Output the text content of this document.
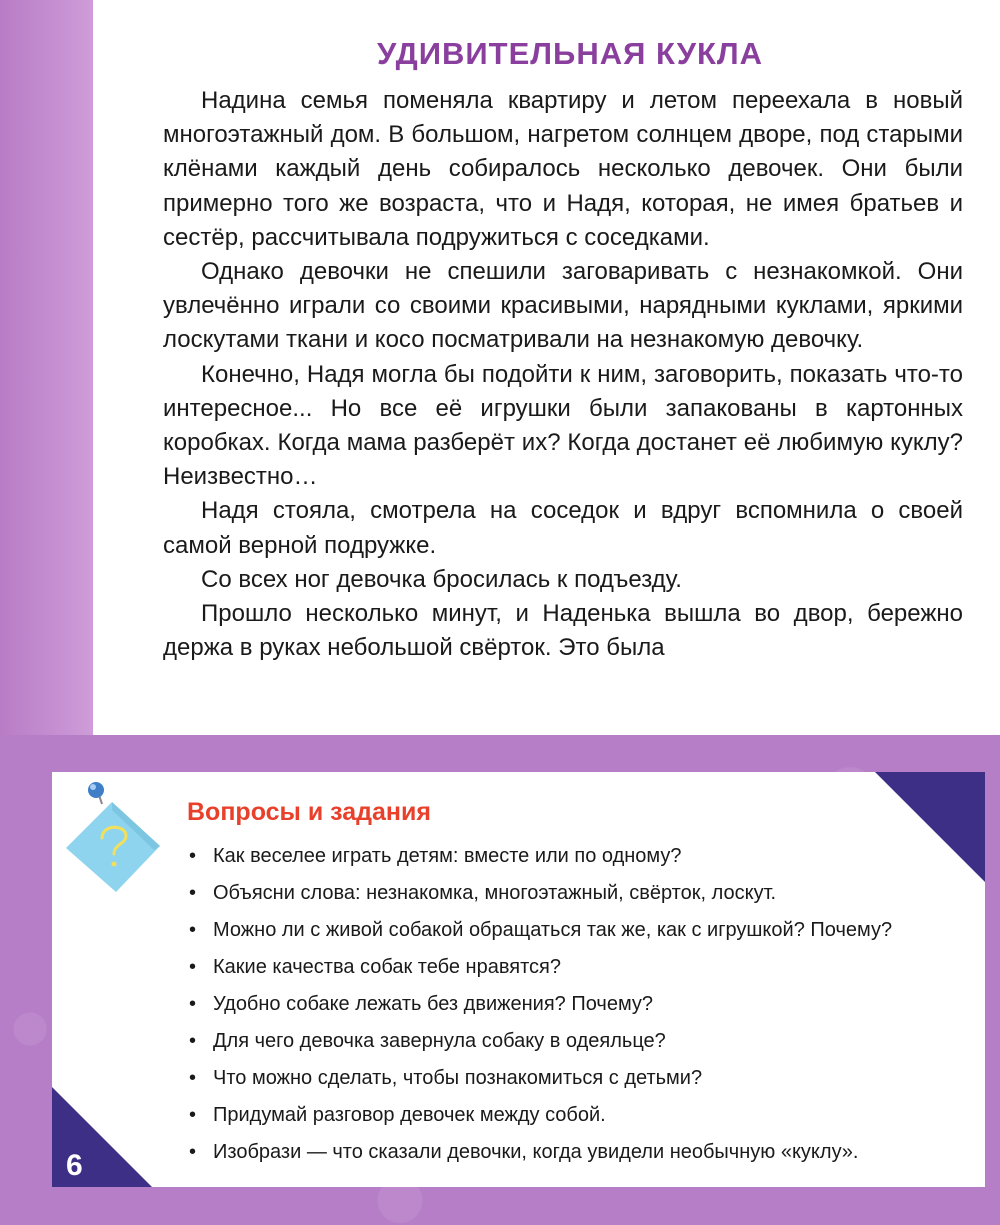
УДИВИТЕЛЬНАЯ КУКЛА

Надина семья поменяла квартиру и летом переехала в новый многоэтажный дом. В большом, нагретом солнцем дворе, под старыми клёнами каждый день собиралось несколько девочек. Они были примерно того же возраста, что и Надя, которая, не имея братьев и сестёр, рассчитывала подружиться с соседками.

Однако девочки не спешили заговаривать с незнакомкой. Они увлечённо играли со своими красивыми, нарядными куклами, яркими лоскутами ткани и косо посматривали на незнакомую девочку.

Конечно, Надя могла бы подойти к ним, заговорить, показать что-то интересное... Но все её игрушки были запакованы в картонных коробках. Когда мама разберёт их? Когда достанет её любимую куклу? Неизвестно…

Надя стояла, смотрела на соседок и вдруг вспомнила о своей самой верной подружке.

Со всех ног девочка бросилась к подъезду.

Прошло несколько минут, и Наденька вышла во двор, бережно держа в руках небольшой свёрток. Это была

6
Вопросы и задания
• Как веселее играть детям: вместе или по одному?
• Объясни слова: незнакомка, многоэтажный, свёрток, лоскут.
• Можно ли с живой собакой обращаться так же, как с игрушкой? Почему?
• Какие качества собак тебе нравятся?
• Удобно собаке лежать без движения? Почему?
• Для чего девочка завернула собаку в одеяльце?
• Что можно сделать, чтобы познакомиться с детьми?
• Придумай разговор девочек между собой.
• Изобрази — что сказали девочки, когда увидели необычную «куклу».
